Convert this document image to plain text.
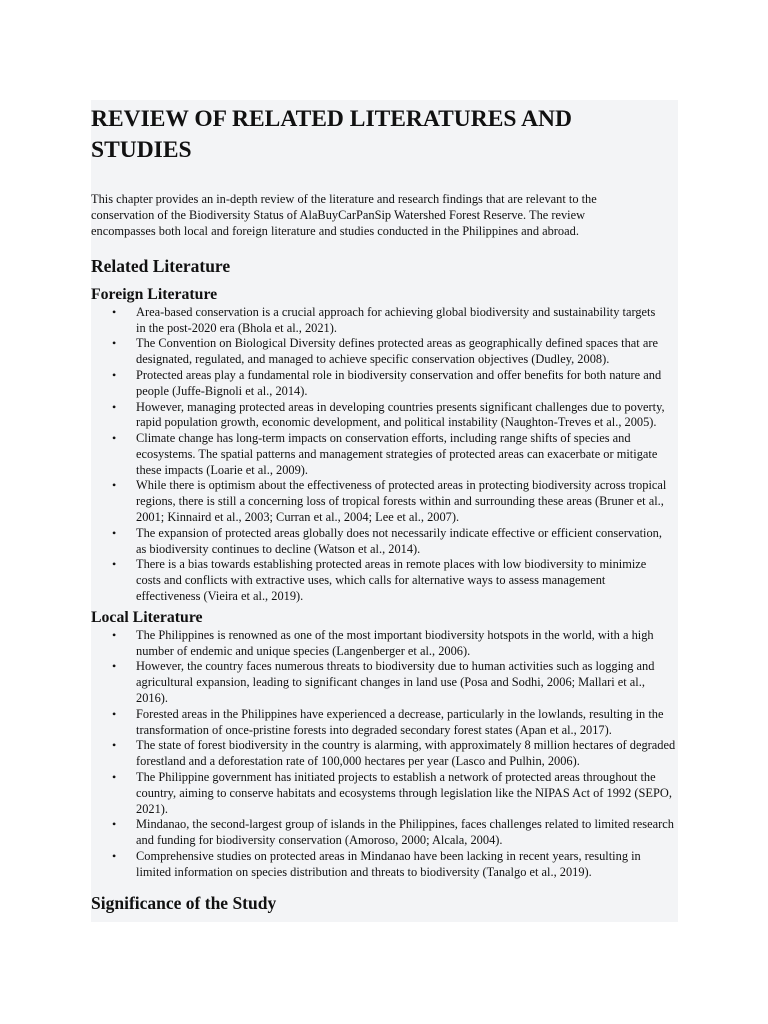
REVIEW OF RELATED LITERATURES AND STUDIES

This chapter provides an in-depth review of the literature and research findings that are relevant to the conservation of the Biodiversity Status of AlaBuyCarPanSip Watershed Forest Reserve. The review encompasses both local and foreign literature and studies conducted in the Philippines and abroad.

Related Literature
Foreign Literature
• Area-based conservation is a crucial approach for achieving global biodiversity and sustainability targets in the post-2020 era (Bhola et al., 2021).
• The Convention on Biological Diversity defines protected areas as geographically defined spaces that are designated, regulated, and managed to achieve specific conservation objectives (Dudley, 2008).
• Protected areas play a fundamental role in biodiversity conservation and offer benefits for both nature and people (Juffe-Bignoli et al., 2014).
• However, managing protected areas in developing countries presents significant challenges due to poverty, rapid population growth, economic development, and political instability (Naughton-Treves et al., 2005).
• Climate change has long-term impacts on conservation efforts, including range shifts of species and ecosystems. The spatial patterns and management strategies of protected areas can exacerbate or mitigate these impacts (Loarie et al., 2009).
• While there is optimism about the effectiveness of protected areas in protecting biodiversity across tropical regions, there is still a concerning loss of tropical forests within and surrounding these areas (Bruner et al., 2001; Kinnaird et al., 2003; Curran et al., 2004; Lee et al., 2007).
• The expansion of protected areas globally does not necessarily indicate effective or efficient conservation, as biodiversity continues to decline (Watson et al., 2014).
• There is a bias towards establishing protected areas in remote places with low biodiversity to minimize costs and conflicts with extractive uses, which calls for alternative ways to assess management effectiveness (Vieira et al., 2019).
Local Literature
• The Philippines is renowned as one of the most important biodiversity hotspots in the world, with a high number of endemic and unique species (Langenberger et al., 2006).
• However, the country faces numerous threats to biodiversity due to human activities such as logging and agricultural expansion, leading to significant changes in land use (Posa and Sodhi, 2006; Mallari et al., 2016).
• Forested areas in the Philippines have experienced a decrease, particularly in the lowlands, resulting in the transformation of once-pristine forests into degraded secondary forest states (Apan et al., 2017).
• The state of forest biodiversity in the country is alarming, with approximately 8 million hectares of degraded forestland and a deforestation rate of 100,000 hectares per year (Lasco and Pulhin, 2006).
• The Philippine government has initiated projects to establish a network of protected areas throughout the country, aiming to conserve habitats and ecosystems through legislation like the NIPAS Act of 1992 (SEPO, 2021).
• Mindanao, the second-largest group of islands in the Philippines, faces challenges related to limited research and funding for biodiversity conservation (Amoroso, 2000; Alcala, 2004).
• Comprehensive studies on protected areas in Mindanao have been lacking in recent years, resulting in limited information on species distribution and threats to biodiversity (Tanalgo et al., 2019).
Significance of the Study
